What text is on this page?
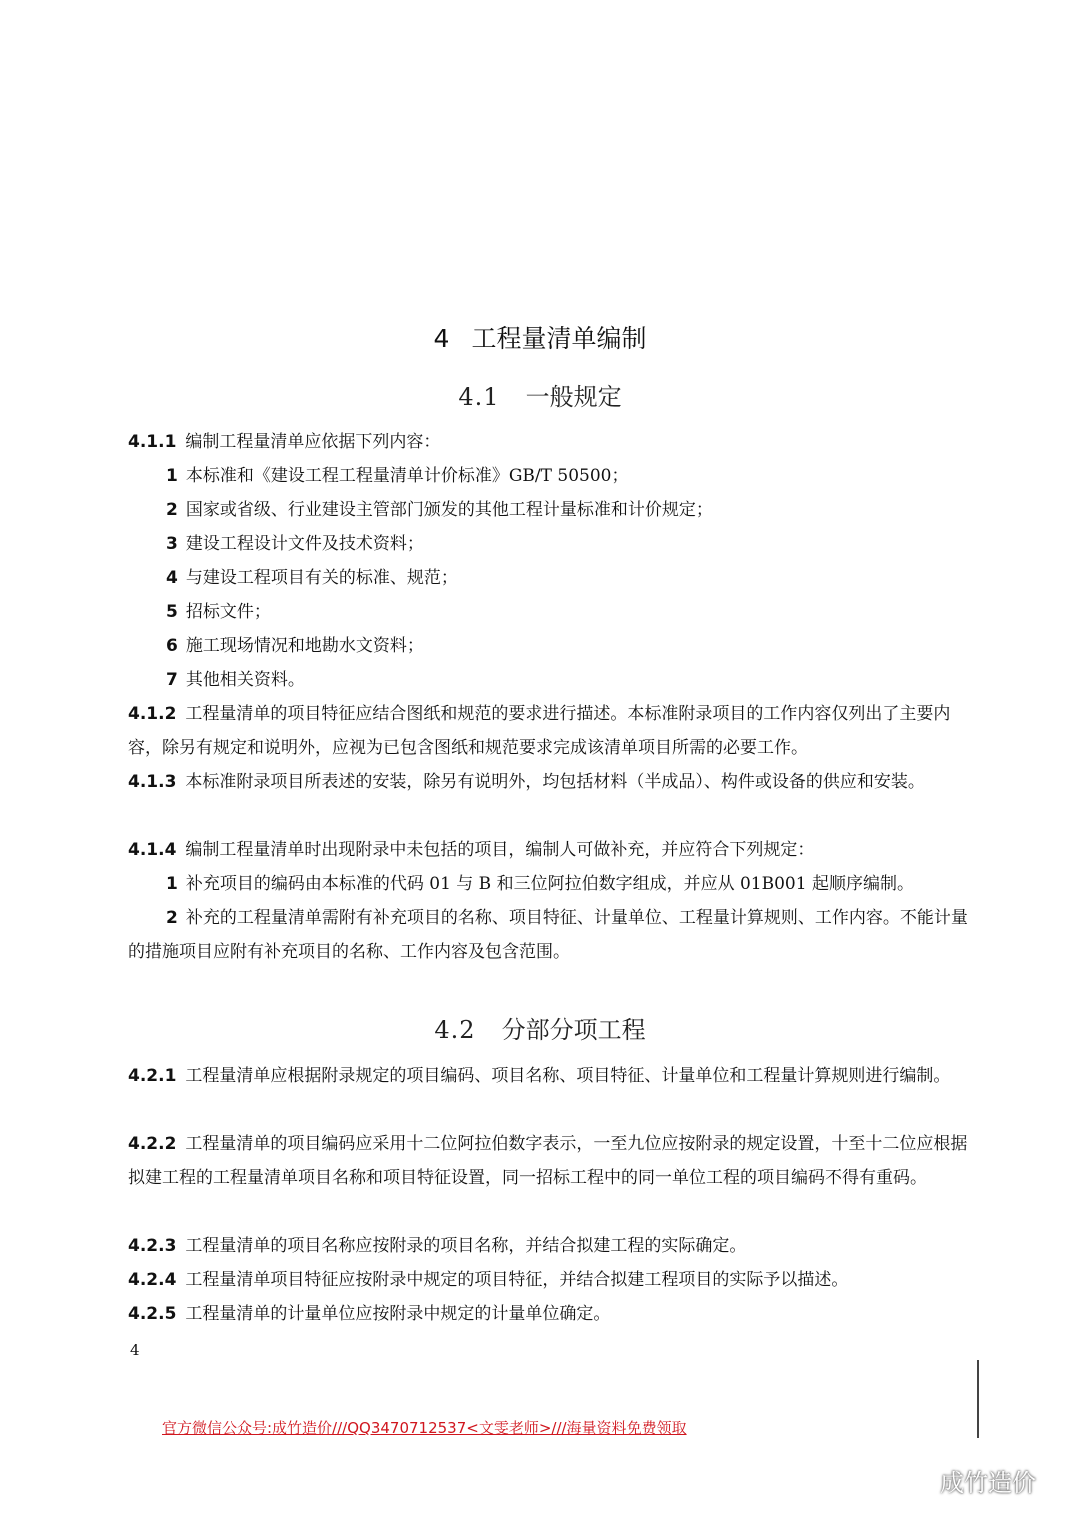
4 工程量清单编制
4.1 一般规定
4.1.1 编制工程量清单应依据下列内容：
1 本标准和《建设工程工程量清单计价标准》GB/T 50500；
2 国家或省级、行业建设主管部门颁发的其他工程计量标准和计价规定；
3 建设工程设计文件及技术资料；
4 与建设工程项目有关的标准、规范；
5 招标文件；
6 施工现场情况和地勘水文资料；
7 其他相关资料。
4.1.2 工程量清单的项目特征应结合图纸和规范的要求进行描述。本标准附录项目的工作内容仅列出了主要内容，除另有规定和说明外，应视为已包含图纸和规范要求完成该清单项目所需的必要工作。
4.1.3 本标准附录项目所表述的安装，除另有说明外，均包括材料（半成品）、构件或设备的供应和安装。
4.1.4 编制工程量清单时出现附录中未包括的项目，编制人可做补充，并应符合下列规定：
1 补充项目的编码由本标准的代码 01 与 B 和三位阿拉伯数字组成，并应从 01B001 起顺序编制。
2 补充的工程量清单需附有补充项目的名称、项目特征、计量单位、工程量计算规则、工作内容。不能计量的措施项目应附有补充项目的名称、工作内容及包含范围。
4.2 分部分项工程
4.2.1 工程量清单应根据附录规定的项目编码、项目名称、项目特征、计量单位和工程量计算规则进行编制。
4.2.2 工程量清单的项目编码应采用十二位阿拉伯数字表示，一至九位应按附录的规定设置，十至十二位应根据拟建工程的工程量清单项目名称和项目特征设置，同一招标工程中的同一单位工程的项目编码不得有重码。
4.2.3 工程量清单的项目名称应按附录的项目名称，并结合拟建工程的实际确定。
4.2.4 工程量清单项目特征应按附录中规定的项目特征，并结合拟建工程项目的实际予以描述。
4.2.5 工程量清单的计量单位应按附录中规定的计量单位确定。
4
官方微信公众号:成竹造价///QQ3470712537<文雯老师>///海量资料免费领取
成竹造价
